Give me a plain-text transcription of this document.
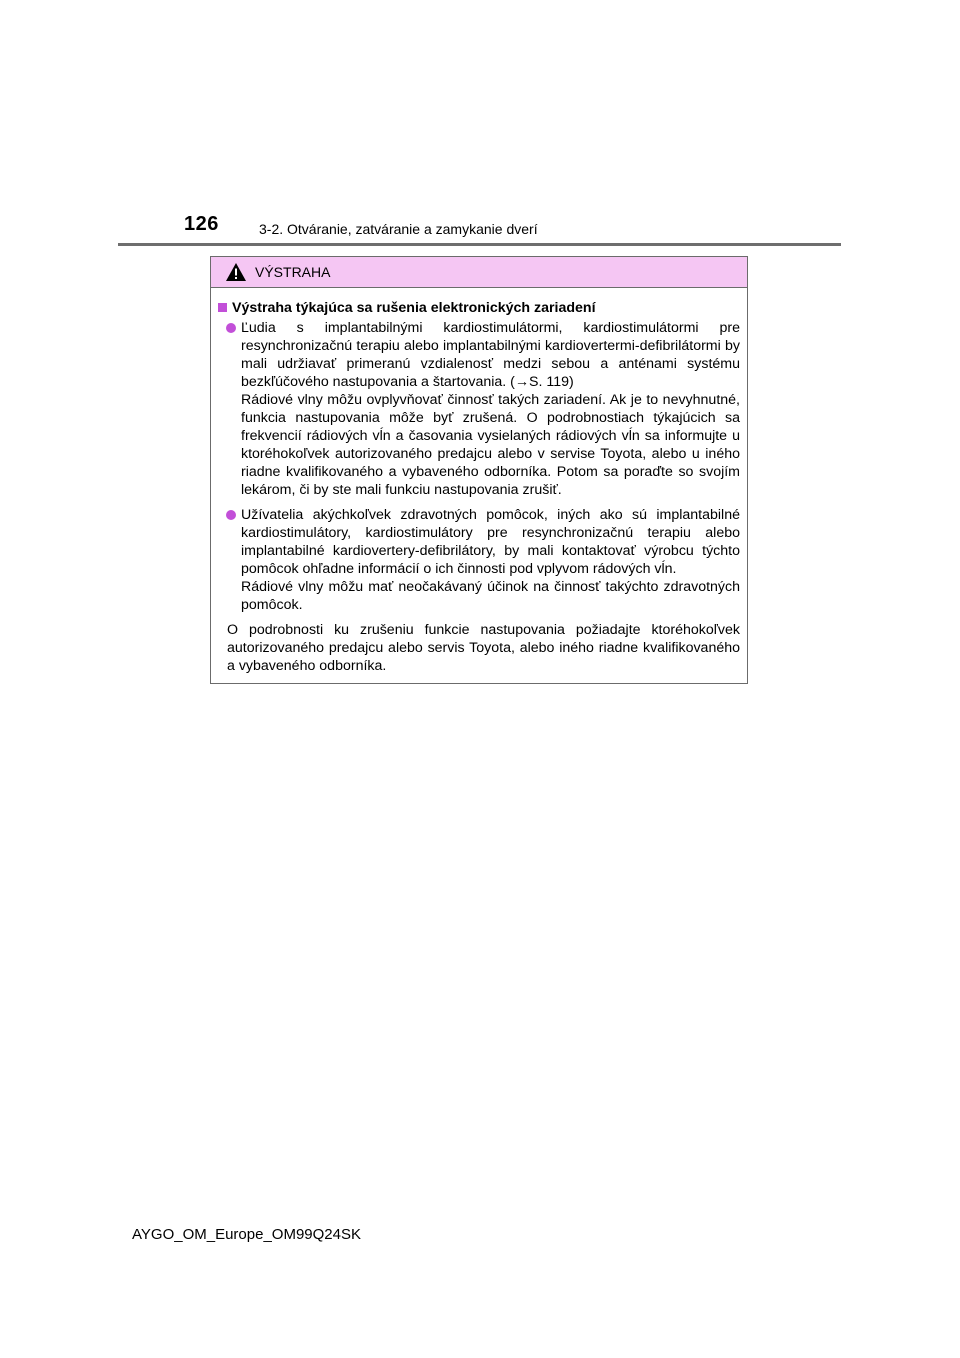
126	3-2. Otváranie, zatváranie a zamykanie dverí
VÝSTRAHA
Výstraha týkajúca sa rušenia elektronických zariadení

Ľudia s implantabilnými kardiostimulátormi, kardiostimulátormi pre resynchronizačnú terapiu alebo implantabilnými kardiovertermi-defibrilátormi by mali udržiavať primeranú vzdialenosť medzi sebou a anténami systému bezkľúčového nastupovania a štartovania. (→S. 119)

Rádiové vlny môžu ovplyvňovať činnosť takých zariadení. Ak je to nevyhnutné, funkcia nastupovania môže byť zrušená. O podrobnostiach týkajúcich sa frekvencií rádiových vĺn a časovania vysielaných rádiových vĺn sa informujte u ktoréhokoľvek autorizovaného predajcu alebo v servise Toyota, alebo u iného riadne kvalifikovaného a vybaveného odborníka. Potom sa poraďte so svojím lekárom, či by ste mali funkciu nastupovania zrušiť.

Užívatelia akýchkoľvek zdravotných pomôcok, iných ako sú implantabilné kardiostimulátory, kardiostimulátory pre resynchronizačnú terapiu alebo implantabilné kardiovertery-defibrilátory, by mali kontaktovať výrobcu týchto pomôcok ohľadne informácií o ich činnosti pod vplyvom rádových vĺn.

Rádiové vlny môžu mať neočakávaný účinok na činnosť takýchto zdravotných pomôcok.

O podrobnosti ku zrušeniu funkcie nastupovania požiadajte ktoréhokoľvek autorizovaného predajcu alebo servis Toyota, alebo iného riadne kvalifikovaného a vybaveného odborníka.

AYGO_OM_Europe_OM99Q24SK
